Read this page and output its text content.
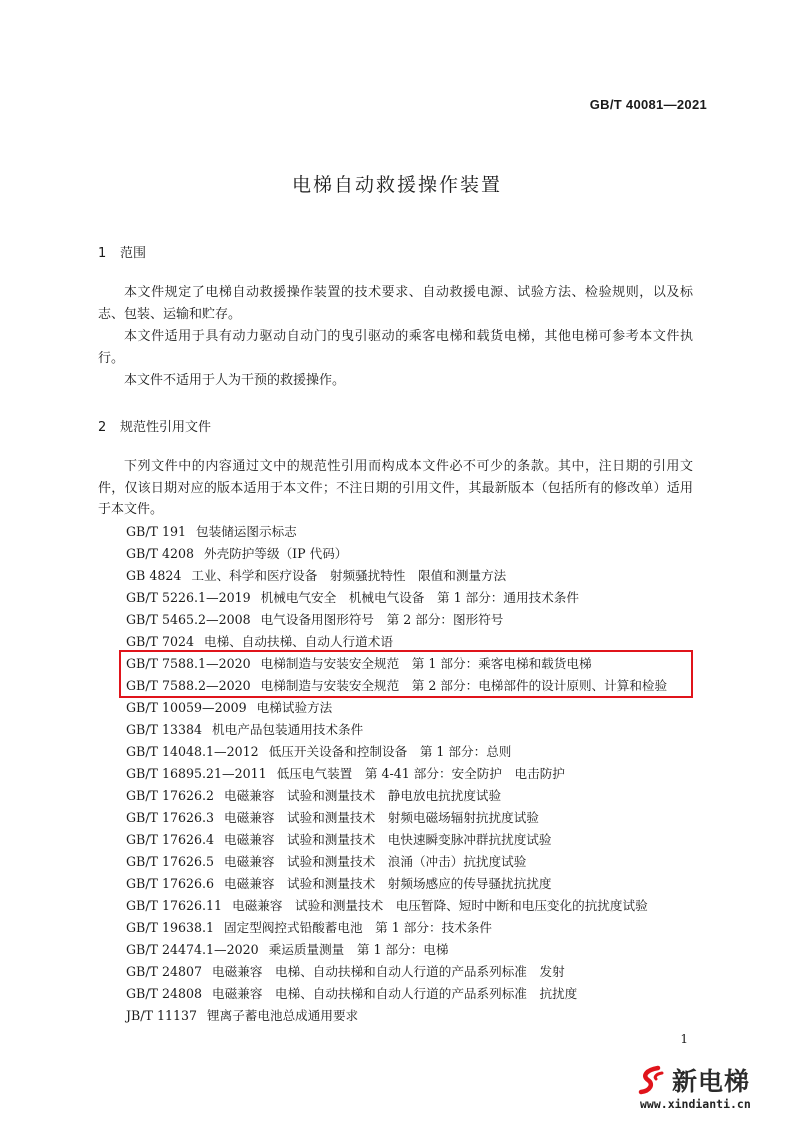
GB/T 40081—2021
电梯自动救援操作装置
1 范围
本文件规定了电梯自动救援操作装置的技术要求、自动救援电源、试验方法、检验规则，以及标志、包装、运输和贮存。
本文件适用于具有动力驱动自动门的曳引驱动的乘客电梯和载货电梯，其他电梯可参考本文件执行。
本文件不适用于人为干预的救援操作。
2 规范性引用文件
下列文件中的内容通过文中的规范性引用而构成本文件必不可少的条款。其中，注日期的引用文件，仅该日期对应的版本适用于本文件；不注日期的引用文件，其最新版本（包括所有的修改单）适用于本文件。
GB/T 191 包装储运图示标志
GB/T 4208 外壳防护等级（IP 代码）
GB 4824 工业、科学和医疗设备　射频骚扰特性　限值和测量方法
GB/T 5226.1—2019 机械电气安全　机械电气设备　第 1 部分：通用技术条件
GB/T 5465.2—2008 电气设备用图形符号　第 2 部分：图形符号
GB/T 7024 电梯、自动扶梯、自动人行道术语
GB/T 7588.1—2020 电梯制造与安装安全规范　第 1 部分：乘客电梯和载货电梯
GB/T 7588.2—2020 电梯制造与安装安全规范　第 2 部分：电梯部件的设计原则、计算和检验
GB/T 10059—2009 电梯试验方法
GB/T 13384 机电产品包装通用技术条件
GB/T 14048.1—2012 低压开关设备和控制设备　第 1 部分：总则
GB/T 16895.21—2011 低压电气装置　第 4-41 部分：安全防护　电击防护
GB/T 17626.2 电磁兼容　试验和测量技术　静电放电抗扰度试验
GB/T 17626.3 电磁兼容　试验和测量技术　射频电磁场辐射抗扰度试验
GB/T 17626.4 电磁兼容　试验和测量技术　电快速瞬变脉冲群抗扰度试验
GB/T 17626.5 电磁兼容　试验和测量技术　浪涌（冲击）抗扰度试验
GB/T 17626.6 电磁兼容　试验和测量技术　射频场感应的传导骚扰抗扰度
GB/T 17626.11 电磁兼容　试验和测量技术　电压暂降、短时中断和电压变化的抗扰度试验
GB/T 19638.1 固定型阀控式铅酸蓄电池　第 1 部分：技术条件
GB/T 24474.1—2020 乘运质量测量　第 1 部分：电梯
GB/T 24807 电磁兼容　电梯、自动扶梯和自动人行道的产品系列标准　发射
GB/T 24808 电磁兼容　电梯、自动扶梯和自动人行道的产品系列标准　抗扰度
JB/T 11137 锂离子蓄电池总成通用要求
1
新电梯
www.xindianti.cn
